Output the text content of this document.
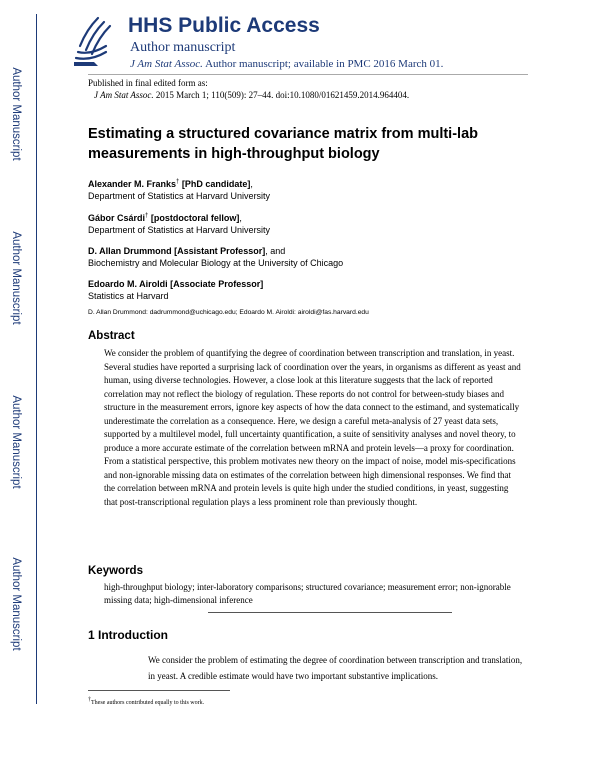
Author Manuscript
Author Manuscript
Author Manuscript
Author Manuscript
HHS Public Access
Author manuscript
J Am Stat Assoc. Author manuscript; available in PMC 2016 March 01.
Published in final edited form as:
J Am Stat Assoc. 2015 March 1; 110(509): 27–44. doi:10.1080/01621459.2014.964404.
Estimating a structured covariance matrix from multi-lab measurements in high-throughput biology
Alexander M. Franks† [PhD candidate],
Department of Statistics at Harvard University
Gábor Csárdi† [postdoctoral fellow],
Department of Statistics at Harvard University
D. Allan Drummond [Assistant Professor], and
Biochemistry and Molecular Biology at the University of Chicago
Edoardo M. Airoldi [Associate Professor]
Statistics at Harvard
D. Allan Drummond: dadrummond@uchicago.edu; Edoardo M. Airoldi: airoldi@fas.harvard.edu
Abstract
We consider the problem of quantifying the degree of coordination between transcription and translation, in yeast. Several studies have reported a surprising lack of coordination over the years, in organisms as different as yeast and human, using diverse technologies. However, a close look at this literature suggests that the lack of reported correlation may not reflect the biology of regulation. These reports do not control for between-study biases and structure in the measurement errors, ignore key aspects of how the data connect to the estimand, and systematically underestimate the correlation as a consequence. Here, we design a careful meta-analysis of 27 yeast data sets, supported by a multilevel model, full uncertainty quantification, a suite of sensitivity analyses and novel theory, to produce a more accurate estimate of the correlation between mRNA and protein levels—a proxy for coordination. From a statistical perspective, this problem motivates new theory on the impact of noise, model mis-specifications and non-ignorable missing data on estimates of the correlation between high dimensional responses. We find that the correlation between mRNA and protein levels is quite high under the studied conditions, in yeast, suggesting that post-transcriptional regulation plays a less prominent role than previously thought.
Keywords
high-throughput biology; inter-laboratory comparisons; structured covariance; measurement error; non-ignorable missing data; high-dimensional inference
1 Introduction
We consider the problem of estimating the degree of coordination between transcription and translation, in yeast. A credible estimate would have two important substantive implications.
†These authors contributed equally to this work.
